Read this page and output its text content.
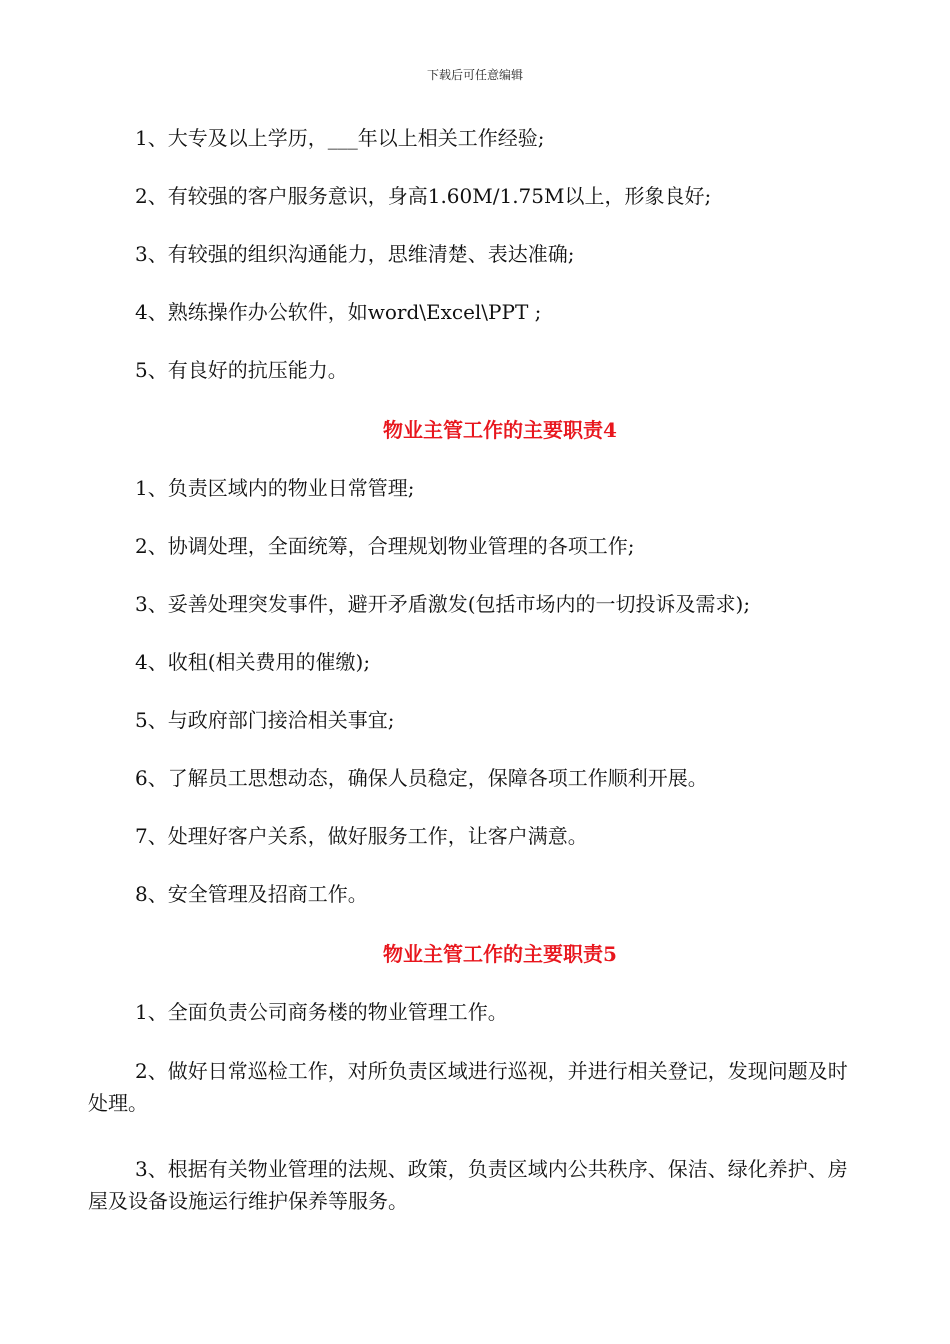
下载后可任意编辑
1、大专及以上学历，___年以上相关工作经验;
2、有较强的客户服务意识，身高1.60M/1.75M以上，形象良好;
3、有较强的组织沟通能力，思维清楚、表达准确;
4、熟练操作办公软件，如word\Excel\PPT ;
5、有良好的抗压能力。
物业主管工作的主要职责4
1、负责区域内的物业日常管理;
2、协调处理，全面统筹，合理规划物业管理的各项工作;
3、妥善处理突发事件，避开矛盾激发(包括市场内的一切投诉及需求);
4、收租(相关费用的催缴);
5、与政府部门接洽相关事宜;
6、了解员工思想动态，确保人员稳定，保障各项工作顺利开展。
7、处理好客户关系，做好服务工作，让客户满意。
8、安全管理及招商工作。
物业主管工作的主要职责5
1、全面负责公司商务楼的物业管理工作。
2、做好日常巡检工作，对所负责区域进行巡视，并进行相关登记，发现问题及时处理。
3、根据有关物业管理的法规、政策，负责区域内公共秩序、保洁、绿化养护、房屋及设备设施运行维护保养等服务。
